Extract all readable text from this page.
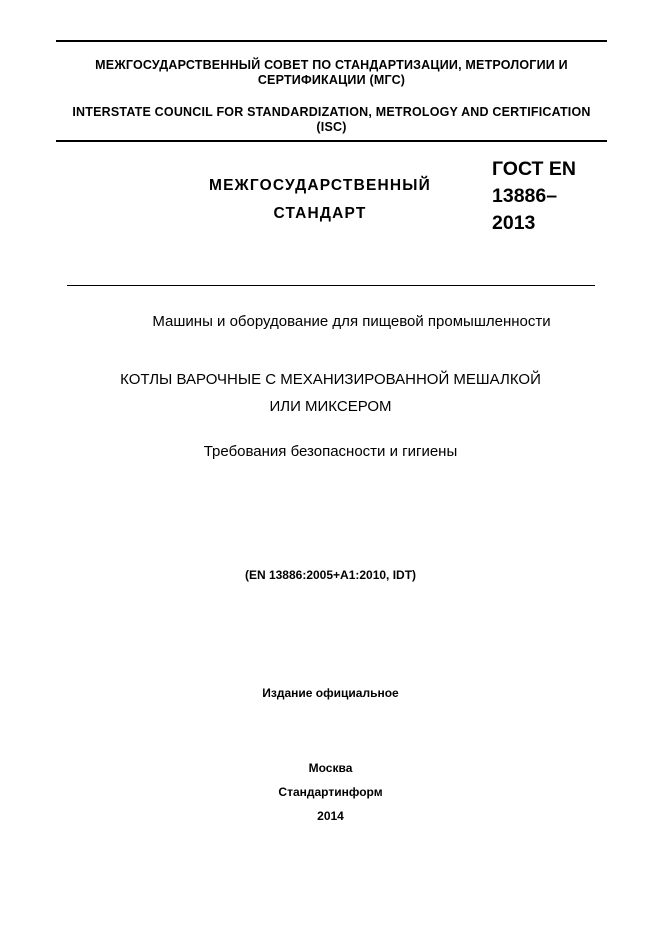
МЕЖГОСУДАРСТВЕННЫЙ СОВЕТ ПО СТАНДАРТИЗАЦИИ, МЕТРОЛОГИИ И
СЕРТИФИКАЦИИ (МГС)
INTERSTATE COUNCIL FOR STANDARDIZATION, METROLOGY AND CERTIFICATION
(ISC)
МЕЖГОСУДАРСТВЕННЫЙ
СТАНДАРТ
ГОСТ EN
13886–
2013
Машины и оборудование для пищевой промышленности
КОТЛЫ ВАРОЧНЫЕ С МЕХАНИЗИРОВАННОЙ МЕШАЛКОЙ
ИЛИ МИКСЕРОМ
Требования безопасности и гигиены
(EN 13886:2005+A1:2010, IDT)
Издание официальное
Москва
Стандартинформ
2014
